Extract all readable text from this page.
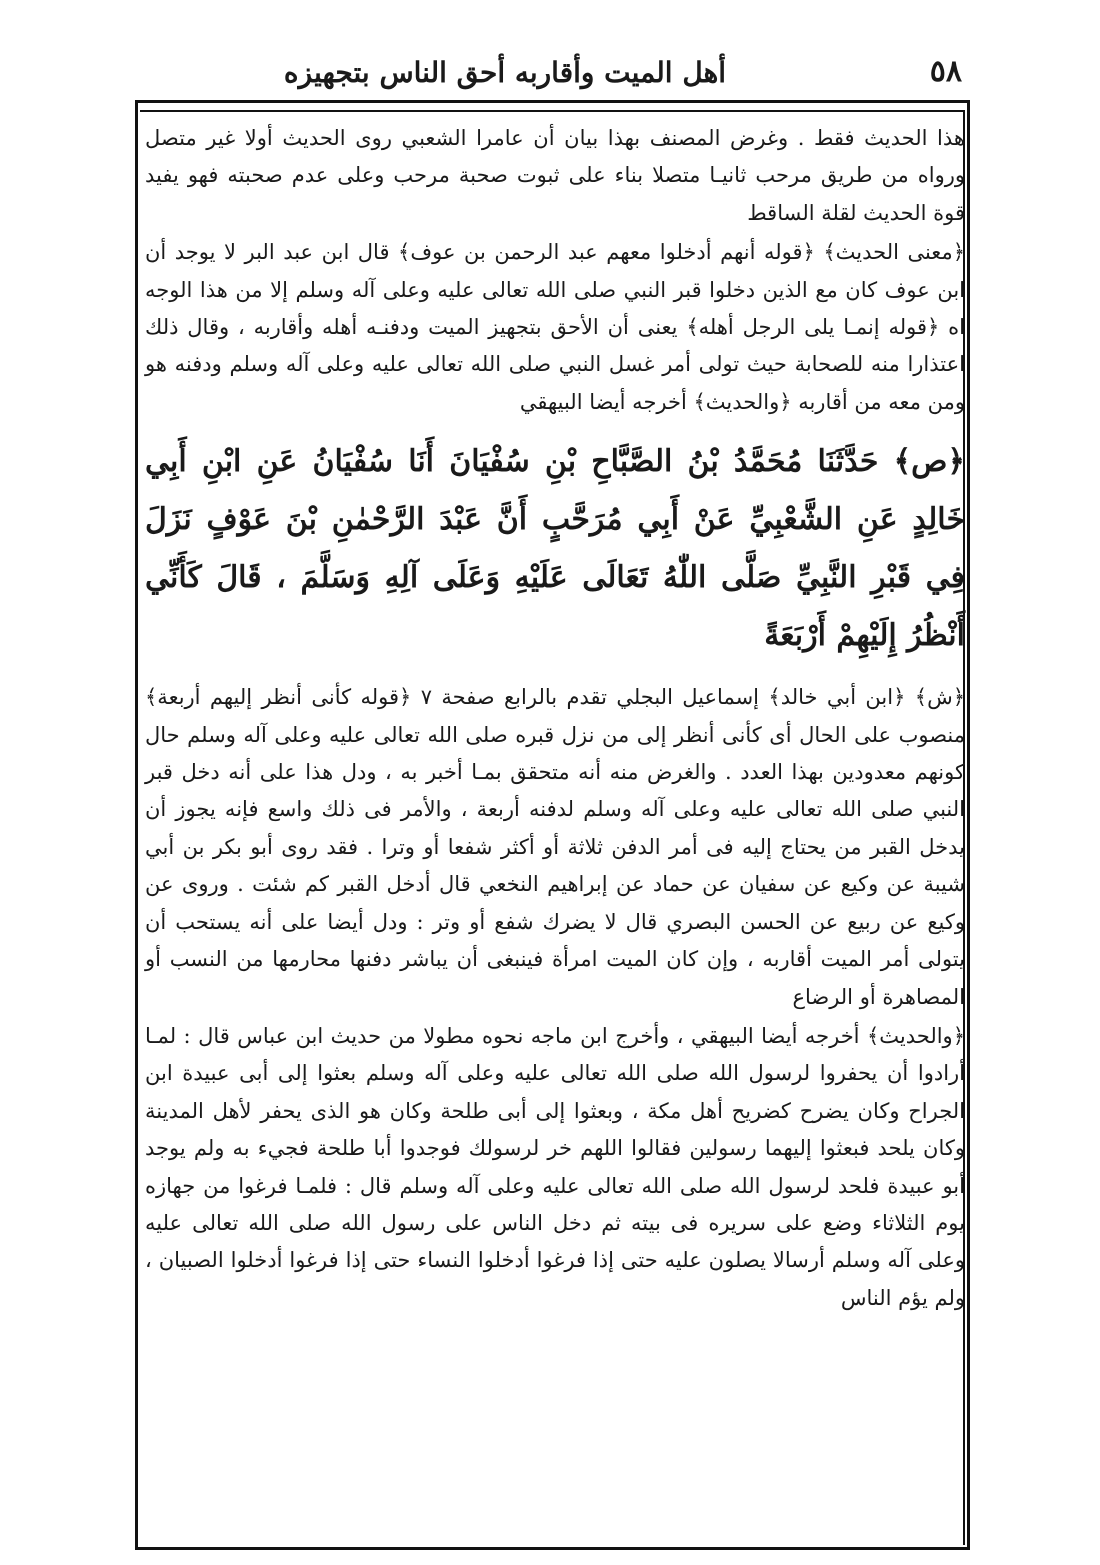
٥٨
أهل الميت وأقاربه أحق الناس بتجهيزه

هذا الحديث فقط . وغرض المصنف بهذا بيان أن عامرا الشعبي روى الحديث أولا غير متصل ورواه من طريق مرحب ثانيـا متصلا بناء على ثبوت صحبة مرحب وعلى عدم صحبته فهو يفيد قوة الحديث لقلة الساقط

﴿معنى الحديث﴾ ﴿قوله أنهم أدخلوا معهم عبد الرحمن بن عوف﴾ قال ابن عبد البر لا يوجد أن ابن عوف كان مع الذين دخلوا قبر النبي صلى الله تعالى عليه وعلى آله وسلم إلا من هذا الوجه اه ﴿قوله إنمـا يلى الرجل أهله﴾ يعنى أن الأحق بتجهيز الميت ودفنـه أهله وأقاربه ، وقال ذلك اعتذارا منه للصحابة حيث تولى أمر غسل النبي صلى الله تعالى عليه وعلى آله وسلم ودفنه هو ومن معه من أقاربه ﴿والحديث﴾ أخرجه أيضا البيهقي

﴿ص﴾ حَدَّثَنَا مُحَمَّدُ بْنُ الصَّبَّاحِ بْنِ سُفْيَانَ أَنَا سُفْيَانُ عَنِ ابْنِ أَبِي خَالِدٍ عَنِ الشَّعْبِيِّ عَنْ أَبِي مُرَحَّبٍ أَنَّ عَبْدَ الرَّحْمٰنِ بْنَ عَوْفٍ نَزَلَ فِي قَبْرِ النَّبِيِّ صَلَّى اللّٰهُ تَعَالَى عَلَيْهِ وَعَلَى آلِهِ وَسَلَّمَ ، قَالَ كَأَنِّي أَنْظُرُ إِلَيْهِمْ أَرْبَعَةً

﴿ش﴾ ﴿ابن أبي خالد﴾ إسماعيل البجلي تقدم بالرابع صفحة ٧ ﴿قوله كأنى أنظر إليهم أربعة﴾ منصوب على الحال أى كأنى أنظر إلى من نزل قبره صلى الله تعالى عليه وعلى آله وسلم حال كونهم معدودين بهذا العدد . والغرض منه أنه متحقق بمـا أخبر به ، ودل هذا على أنه دخل قبر النبي صلى الله تعالى عليه وعلى آله وسلم لدفنه أربعة ، والأمر فى ذلك واسع فإنه يجوز أن يدخل القبر من يحتاج إليه فى أمر الدفن ثلاثة أو أكثر شفعا أو وترا . فقد روى أبو بكر بن أبي شيبة عن وكيع عن سفيان عن حماد عن إبراهيم النخعي قال أدخل القبر كم شئت . وروى عن وكيع عن ربيع عن الحسن البصري قال لا يضرك شفع أو وتر : ودل أيضا على أنه يستحب أن يتولى أمر الميت أقاربه ، وإن كان الميت امرأة فينبغى أن يباشر دفنها محارمها من النسب أو المصاهرة أو الرضاع

﴿والحديث﴾ أخرجه أيضا البيهقي ، وأخرج ابن ماجه نحوه مطولا من حديث ابن عباس قال : لمـا أرادوا أن يحفروا لرسول الله صلى الله تعالى عليه وعلى آله وسلم بعثوا إلى أبى عبيدة ابن الجراح وكان يضرح كضريح أهل مكة ، وبعثوا إلى أبى طلحة وكان هو الذى يحفر لأهل المدينة وكان يلحد فبعثوا إليهما رسولين فقالوا اللهم خر لرسولك فوجدوا أبا طلحة فجيء به ولم يوجد أبو عبيدة فلحد لرسول الله صلى الله تعالى عليه وعلى آله وسلم قال : فلمـا فرغوا من جهازه يوم الثلاثاء وضع على سريره فى بيته ثم دخل الناس على رسول الله صلى الله تعالى عليه وعلى آله وسلم أرسالا يصلون عليه حتى إذا فرغوا أدخلوا النساء حتى إذا فرغوا أدخلوا الصبيان ، ولم يؤم الناس
